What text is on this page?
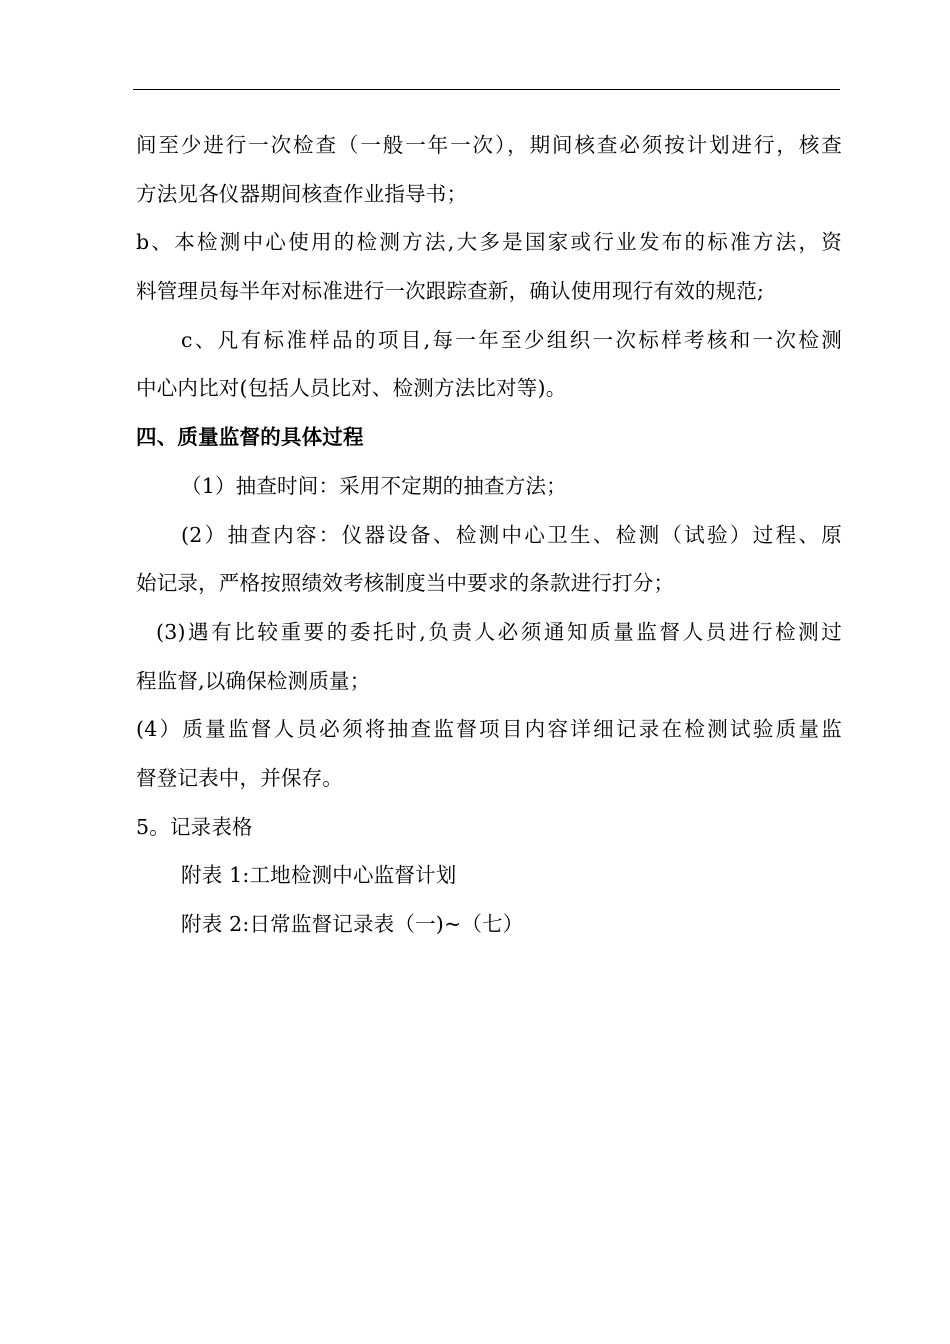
间至少进行一次检查（一般一年一次），期间核查必须按计划进行，核查
方法见各仪器期间核查作业指导书；
b、本检测中心使用的检测方法,大多是国家或行业发布的标准方法，资
料管理员每半年对标准进行一次跟踪查新，确认使用现行有效的规范;
c、凡有标准样品的项目,每一年至少组织一次标样考核和一次检测
中心内比对(包括人员比对、检测方法比对等)。
四、质量监督的具体过程
（1）抽查时间：采用不定期的抽查方法；
(2）抽查内容：仪器设备、检测中心卫生、检测（试验）过程、原
始记录，严格按照绩效考核制度当中要求的条款进行打分；
(3)遇有比较重要的委托时,负责人必须通知质量监督人员进行检测过
程监督,以确保检测质量；
(4）质量监督人员必须将抽查监督项目内容详细记录在检测试验质量监
督登记表中，并保存。
5。记录表格
附表 1:工地检测中心监督计划
附表 2:日常监督记录表（一)~（七）
